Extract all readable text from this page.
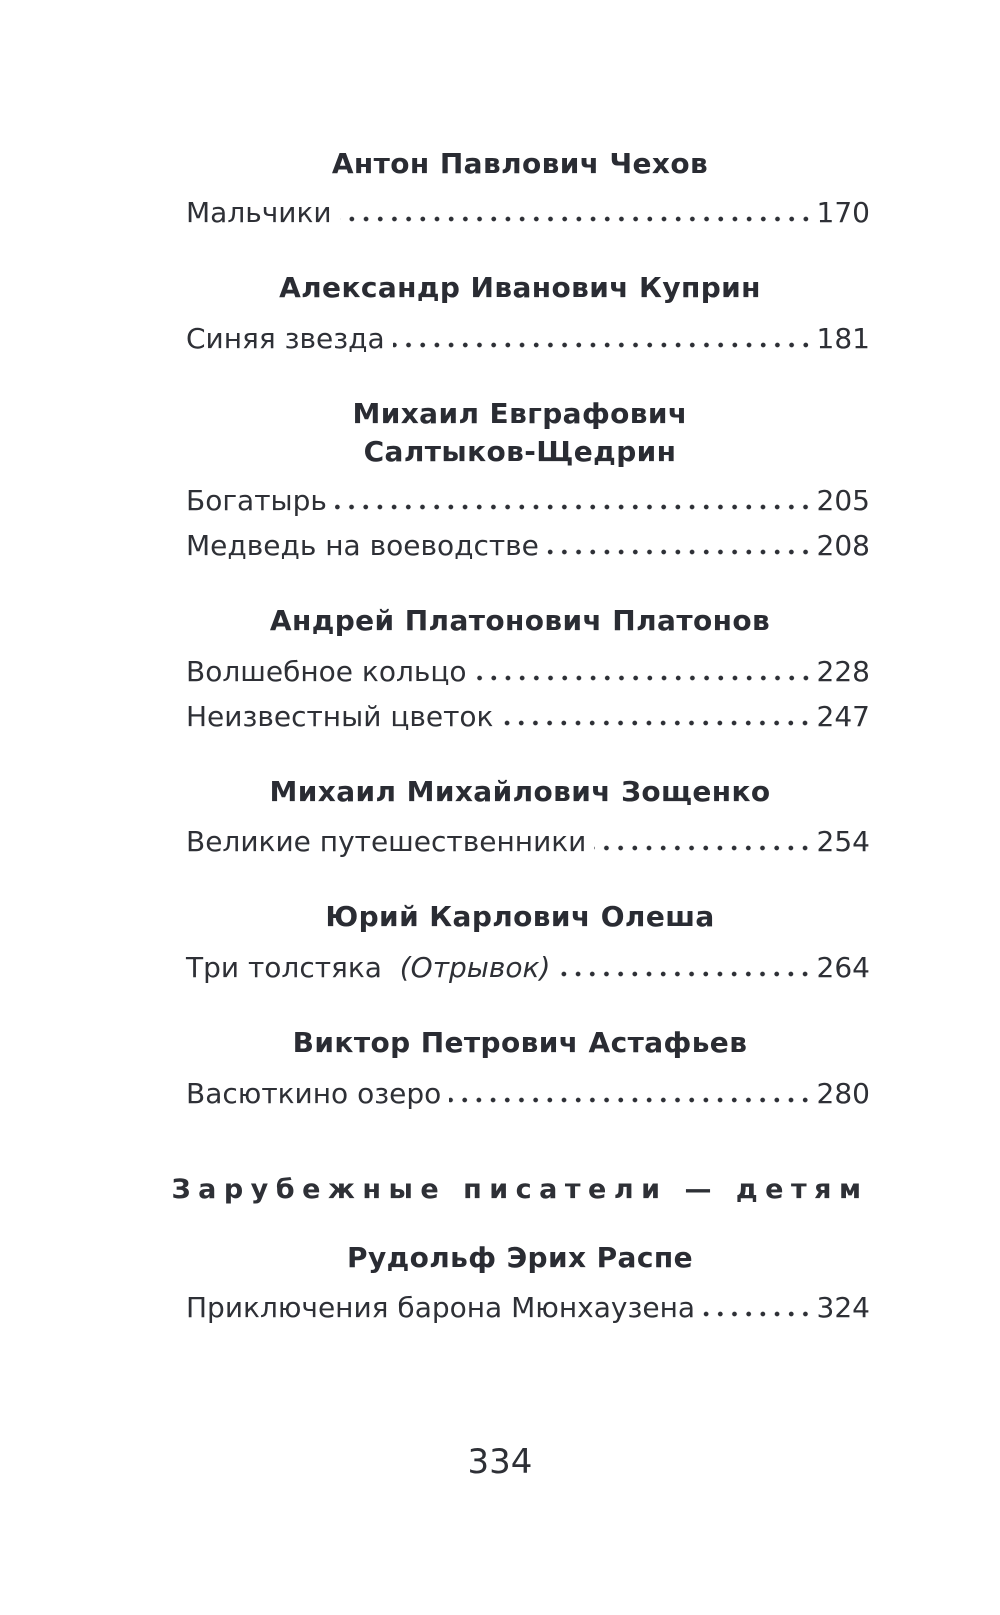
Антон Павлович Чехов
Мальчики	170
Александр Иванович Куприн
Синяя звезда	181
Михаил Евграфович
Салтыков-Щедрин
Богатырь	205
Медведь на воеводстве	208
Андрей Платонович Платонов
Волшебное кольцо	228
Неизвестный цветок	247
Михаил Михайлович Зощенко
Великие путешественники	254
Юрий Карлович Олеша
Три толстяка (Отрывок)	264
Виктор Петрович Астафьев
Васюткино озеро	280
Зарубежные писатели — детям
Рудольф Эрих Распе
Приключения барона Мюнхаузена	324
334
